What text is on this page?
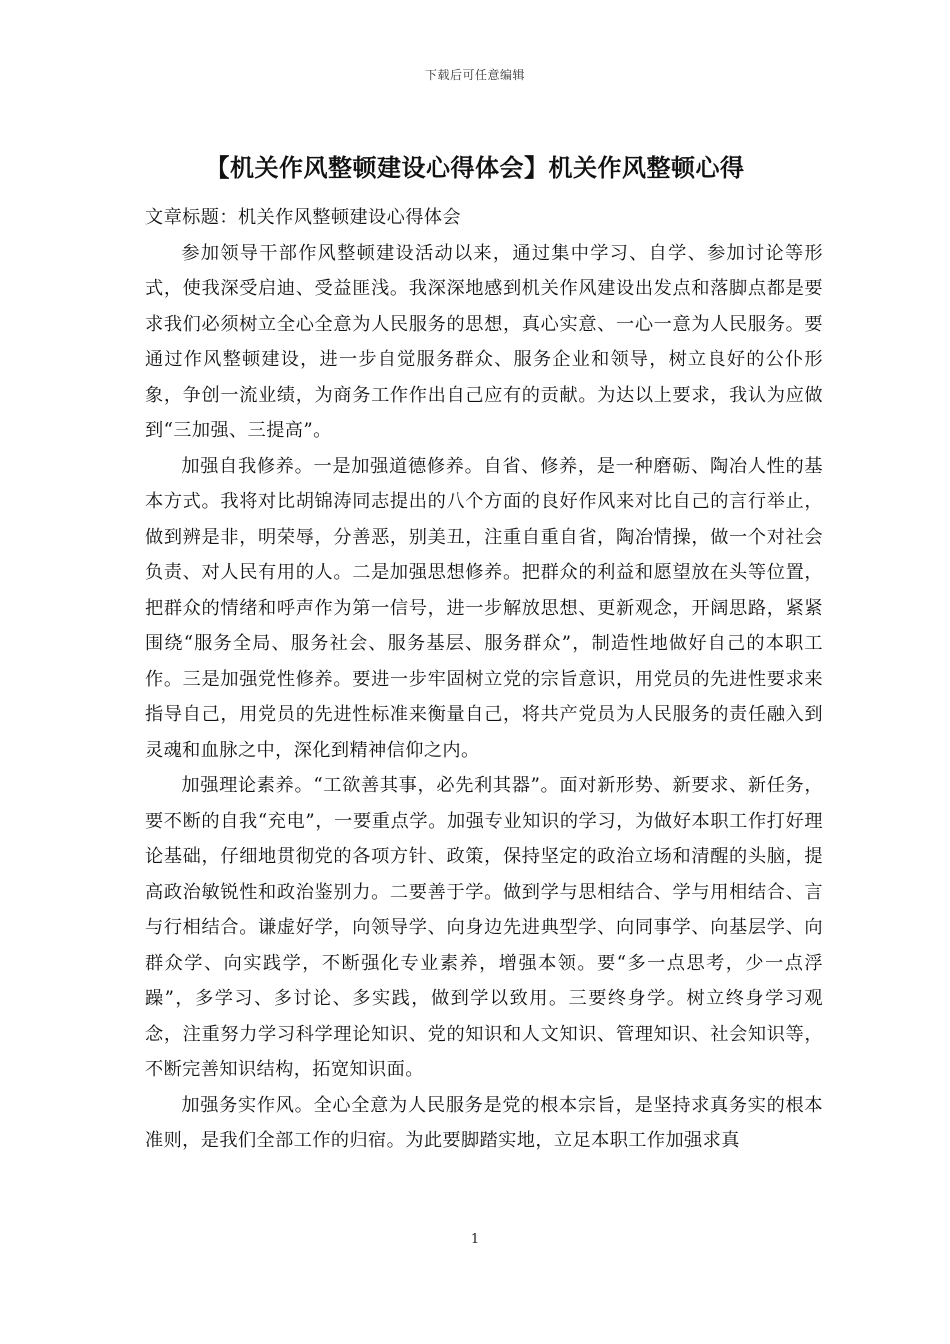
下载后可任意编辑
【机关作风整顿建设心得体会】机关作风整顿心得

文章标题：机关作风整顿建设心得体会

参加领导干部作风整顿建设活动以来，通过集中学习、自学、参加讨论等形式，使我深受启迪、受益匪浅。我深深地感到机关作风建设出发点和落脚点都是要求我们必须树立全心全意为人民服务的思想，真心实意、一心一意为人民服务。要通过作风整顿建设，进一步自觉服务群众、服务企业和领导，树立良好的公仆形象，争创一流业绩，为商务工作作出自己应有的贡献。为达以上要求，我认为应做到“三加强、三提高”。

加强自我修养。一是加强道德修养。自省、修养，是一种磨砺、陶冶人性的基本方式。我将对比胡锦涛同志提出的八个方面的良好作风来对比自己的言行举止，做到辨是非，明荣辱，分善恶，别美丑，注重自重自省，陶冶情操，做一个对社会负责、对人民有用的人。二是加强思想修养。把群众的利益和愿望放在头等位置，把群众的情绪和呼声作为第一信号，进一步解放思想、更新观念，开阔思路，紧紧围绕“服务全局、服务社会、服务基层、服务群众”，制造性地做好自己的本职工作。三是加强党性修养。要进一步牢固树立党的宗旨意识，用党员的先进性要求来指导自己，用党员的先进性标准来衡量自己，将共产党员为人民服务的责任融入到灵魂和血脉之中，深化到精神信仰之内。

加强理论素养。“工欲善其事，必先利其器”。面对新形势、新要求、新任务，要不断的自我“充电”，一要重点学。加强专业知识的学习，为做好本职工作打好理论基础，仔细地贯彻党的各项方针、政策，保持坚定的政治立场和清醒的头脑，提高政治敏锐性和政治鉴别力。二要善于学。做到学与思相结合、学与用相结合、言与行相结合。谦虚好学，向领导学、向身边先进典型学、向同事学、向基层学、向群众学、向实践学，不断强化专业素养，增强本领。要“多一点思考，少一点浮躁”，多学习、多讨论、多实践，做到学以致用。三要终身学。树立终身学习观念，注重努力学习科学理论知识、党的知识和人文知识、管理知识、社会知识等，不断完善知识结构，拓宽知识面。

加强务实作风。全心全意为人民服务是党的根本宗旨，是坚持求真务实的根本准则，是我们全部工作的归宿。为此要脚踏实地，立足本职工作加强求真

1
